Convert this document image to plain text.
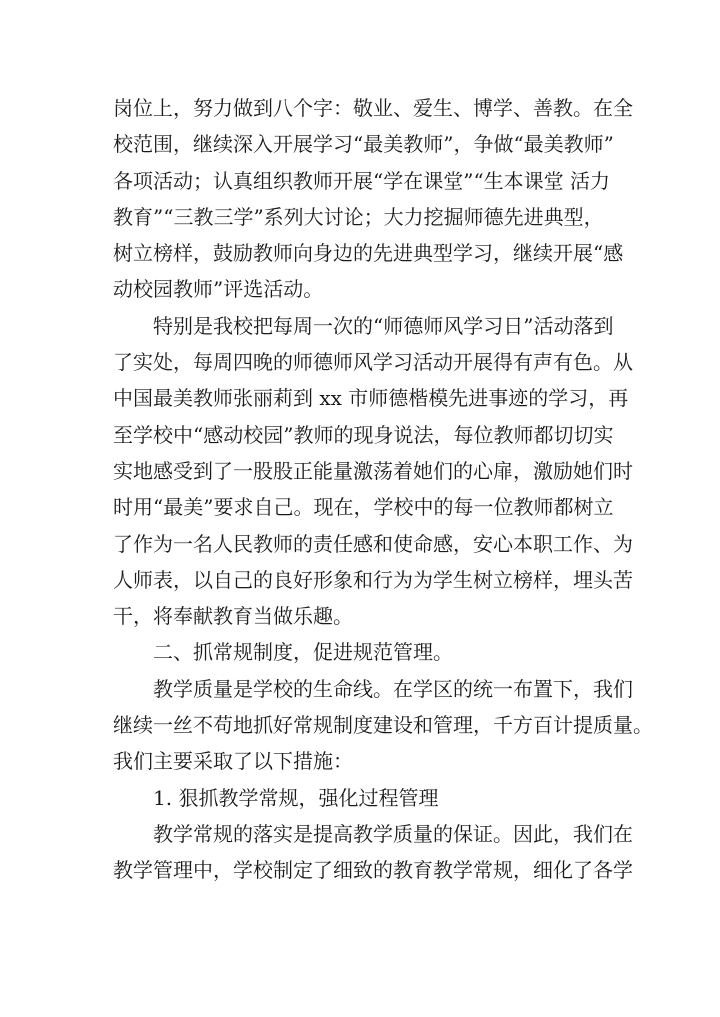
岗位上，努力做到八个字：敬业、爱生、博学、善教。在全
校范围，继续深入开展学习“最美教师”，争做“最美教师”
各项活动；认真组织教师开展“学在课堂”“生本课堂 活力
教育”“三教三学”系列大讨论；大力挖掘师德先进典型，
树立榜样，鼓励教师向身边的先进典型学习，继续开展“感
动校园教师”评选活动。
特别是我校把每周一次的“师德师风学习日”活动落到
了实处，每周四晚的师德师风学习活动开展得有声有色。从
中国最美教师张丽莉到 xx 市师德楷模先进事迹的学习，再
至学校中“感动校园”教师的现身说法，每位教师都切切实
实地感受到了一股股正能量激荡着她们的心扉，激励她们时
时用“最美”要求自己。现在，学校中的每一位教师都树立
了作为一名人民教师的责任感和使命感，安心本职工作、为
人师表，以自己的良好形象和行为为学生树立榜样，埋头苦
干，将奉献教育当做乐趣。
二、抓常规制度，促进规范管理。
教学质量是学校的生命线。在学区的统一布置下，我们
继续一丝不苟地抓好常规制度建设和管理，千方百计提质量。
我们主要采取了以下措施：
1. 狠抓教学常规，强化过程管理
教学常规的落实是提高教学质量的保证。因此，我们在
教学管理中，学校制定了细致的教育教学常规，细化了各学
